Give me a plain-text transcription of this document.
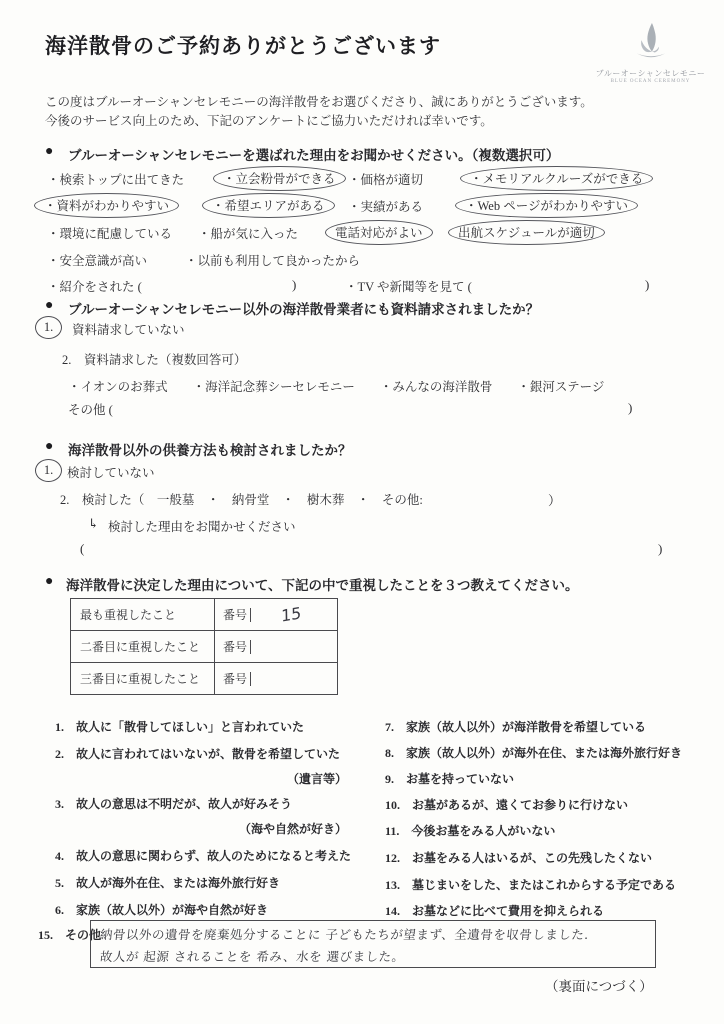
海洋散骨のご予約ありがとうございます
ブルーオーシャンセレモニー
BLUE OCEAN CEREMONY
この度はブルーオーシャンセレモニーの海洋散骨をお選びくださり、誠にありがとうございます。
今後のサービス向上のため、下記のアンケートにご協力いただければ幸いです。
● ブルーオーシャンセレモニーを選ばれた理由をお聞かせください。（複数選択可）
・検索トップに出てきた	・立会粉骨ができる ・価格が適切	・メモリアルクルーズができる
・資料がわかりやすい	・希望エリアがある	・実績がある	・Web ページがわかりやすい
・環境に配慮している ・船が気に入った	電話対応がよい	出航スケジュールが適切
・安全意識が高い	・以前も利用して良かったから
・紹介をされた (	)	・TV や新聞等を見て (	)
● ブルーオーシャンセレモニー以外の海洋散骨業者にも資料請求されましたか？
1.	資料請求していない
2.　 資料請求した（複数回答可）
・イオンのお葬式　　・海洋記念葬シーセレモニー　　・みんなの海洋散骨　　・銀河ステージ
その他 (	)
● 海洋散骨以外の供養方法も検討されましたか？
1.	検討していない
2.　 検討した（　一般墓　・　納骨堂　・　樹木葬　・　その他:	）
↳ 検討した理由をお聞かせください
(	)
● 海洋散骨に決定した理由について、下記の中で重視したことを３つ教えてください。
最も重視したこと	番号 15
二番目に重視したこと	番号
三番目に重視したこと	番号
1.　故人に「散骨してほしい」と言われていた
2.　故人に言われてはいないが、散骨を希望していた
（遺言等）
3.　故人の意思は不明だが、故人が好みそう
（海や自然が好き）
4.　故人の意思に関わらず、故人のためになると考えた
5.　故人が海外在住、または海外旅行好き
6.　家族（故人以外）が海や自然が好き
7.　家族（故人以外）が海洋散骨を希望している
8.　家族（故人以外）が海外在住、または海外旅行好き
9.　お墓を持っていない
10.　お墓があるが、遠くてお参りに行けない
11.　今後お墓をみる人がいない
12.　お墓をみる人はいるが、この先残したくない
13.　墓じまいをした、またはこれからする予定である
14.　お墓などに比べて費用を抑えられる
15.　 その他
納骨以外の遺骨を廃棄処分することに 子どもたちが望まず、全遺骨を収骨しました.
故人が 起源 されることを 希み、水を 選びました。
（裏面につづく）
